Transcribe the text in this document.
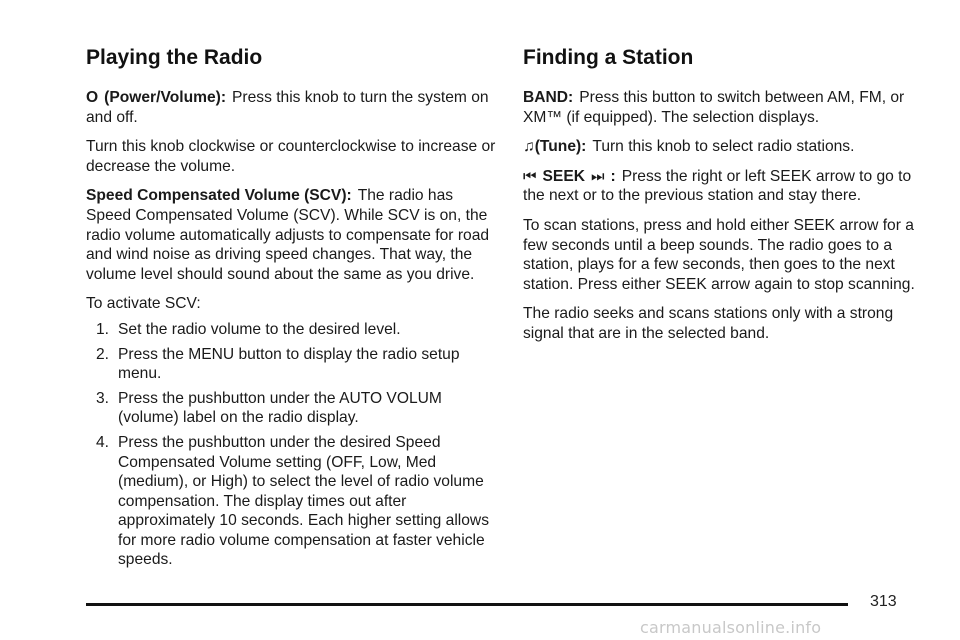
Playing the Radio

O (Power/Volume): Press this knob to turn the system on and off.

Turn this knob clockwise or counterclockwise to increase or decrease the volume.

Speed Compensated Volume (SCV): The radio has Speed Compensated Volume (SCV). While SCV is on, the radio volume automatically adjusts to compensate for road and wind noise as driving speed changes. That way, the volume level should sound about the same as you drive.

To activate SCV:

1. Set the radio volume to the desired level.
2. Press the MENU button to display the radio setup menu.
3. Press the pushbutton under the AUTO VOLUM (volume) label on the radio display.
4. Press the pushbutton under the desired Speed Compensated Volume setting (OFF, Low, Med (medium), or High) to select the level of radio volume compensation. The display times out after approximately 10 seconds. Each higher setting allows for more radio volume compensation at faster vehicle speeds.
Finding a Station

BAND: Press this button to switch between AM, FM, or XM™ (if equipped). The selection displays.

♫(Tune): Turn this knob to select radio stations.

⏮ SEEK ⏭ : Press the right or left SEEK arrow to go to the next or to the previous station and stay there.

To scan stations, press and hold either SEEK arrow for a few seconds until a beep sounds. The radio goes to a station, plays for a few seconds, then goes to the next station. Press either SEEK arrow again to stop scanning.

The radio seeks and scans stations only with a strong signal that are in the selected band.

313
carmanualsonline.info
